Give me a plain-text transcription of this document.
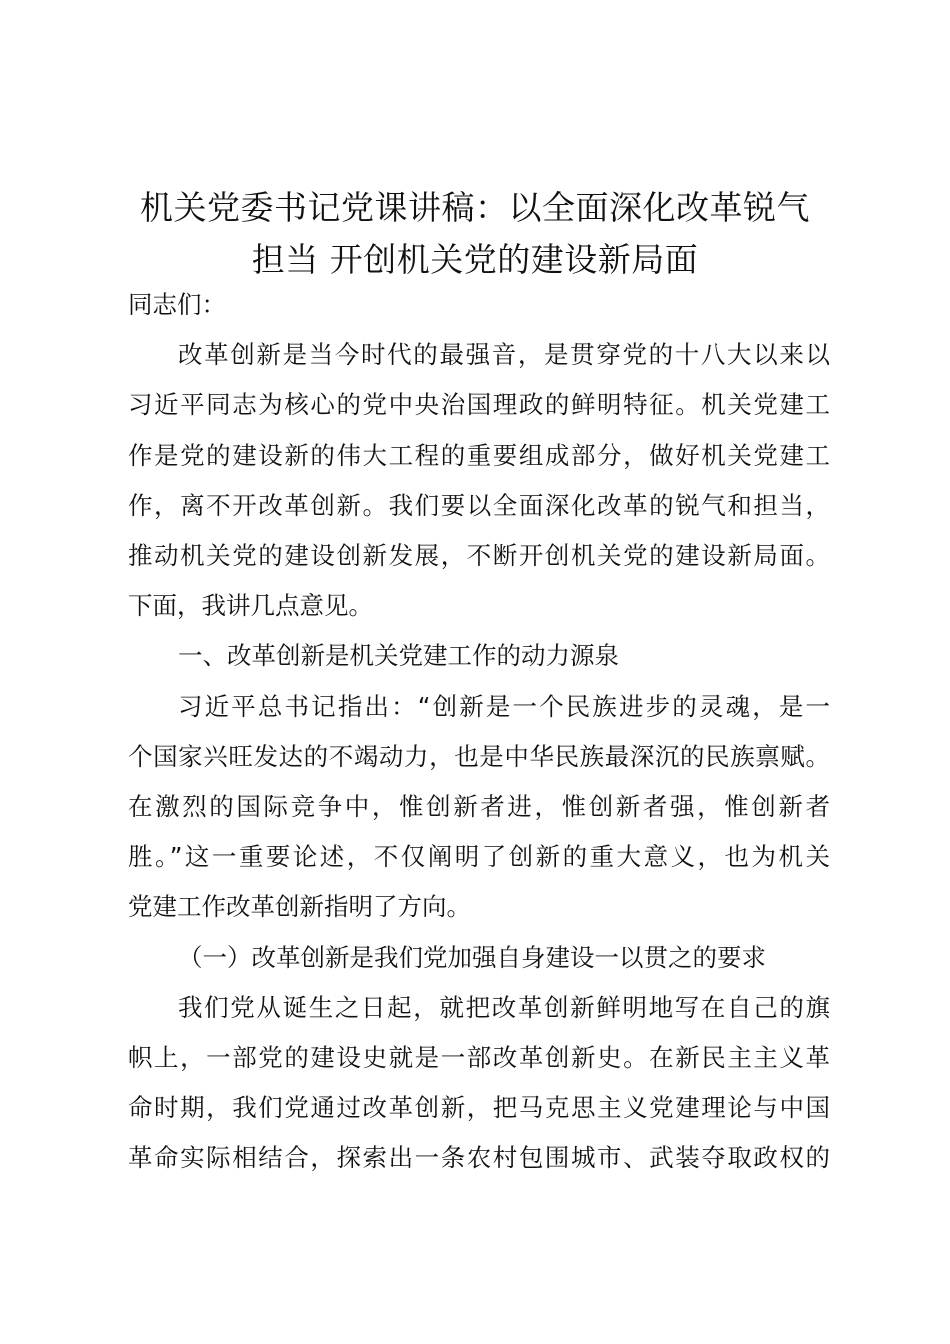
机关党委书记党课讲稿：以全面深化改革锐气
担当 开创机关党的建设新局面

同志们：

改革创新是当今时代的最强音，是贯穿党的十八大以来以
习近平同志为核心的党中央治国理政的鲜明特征。机关党建工
作是党的建设新的伟大工程的重要组成部分，做好机关党建工
作，离不开改革创新。我们要以全面深化改革的锐气和担当，
推动机关党的建设创新发展，不断开创机关党的建设新局面。
下面，我讲几点意见。

一、改革创新是机关党建工作的动力源泉

习近平总书记指出：“创新是一个民族进步的灵魂，是一
个国家兴旺发达的不竭动力，也是中华民族最深沉的民族禀赋。
在激烈的国际竞争中，惟创新者进，惟创新者强，惟创新者
胜。”这一重要论述，不仅阐明了创新的重大意义，也为机关
党建工作改革创新指明了方向。

（一）改革创新是我们党加强自身建设一以贯之的要求

我们党从诞生之日起，就把改革创新鲜明地写在自己的旗
帜上，一部党的建设史就是一部改革创新史。在新民主主义革
命时期，我们党通过改革创新，把马克思主义党建理论与中国
革命实际相结合，探索出一条农村包围城市、武装夺取政权的
